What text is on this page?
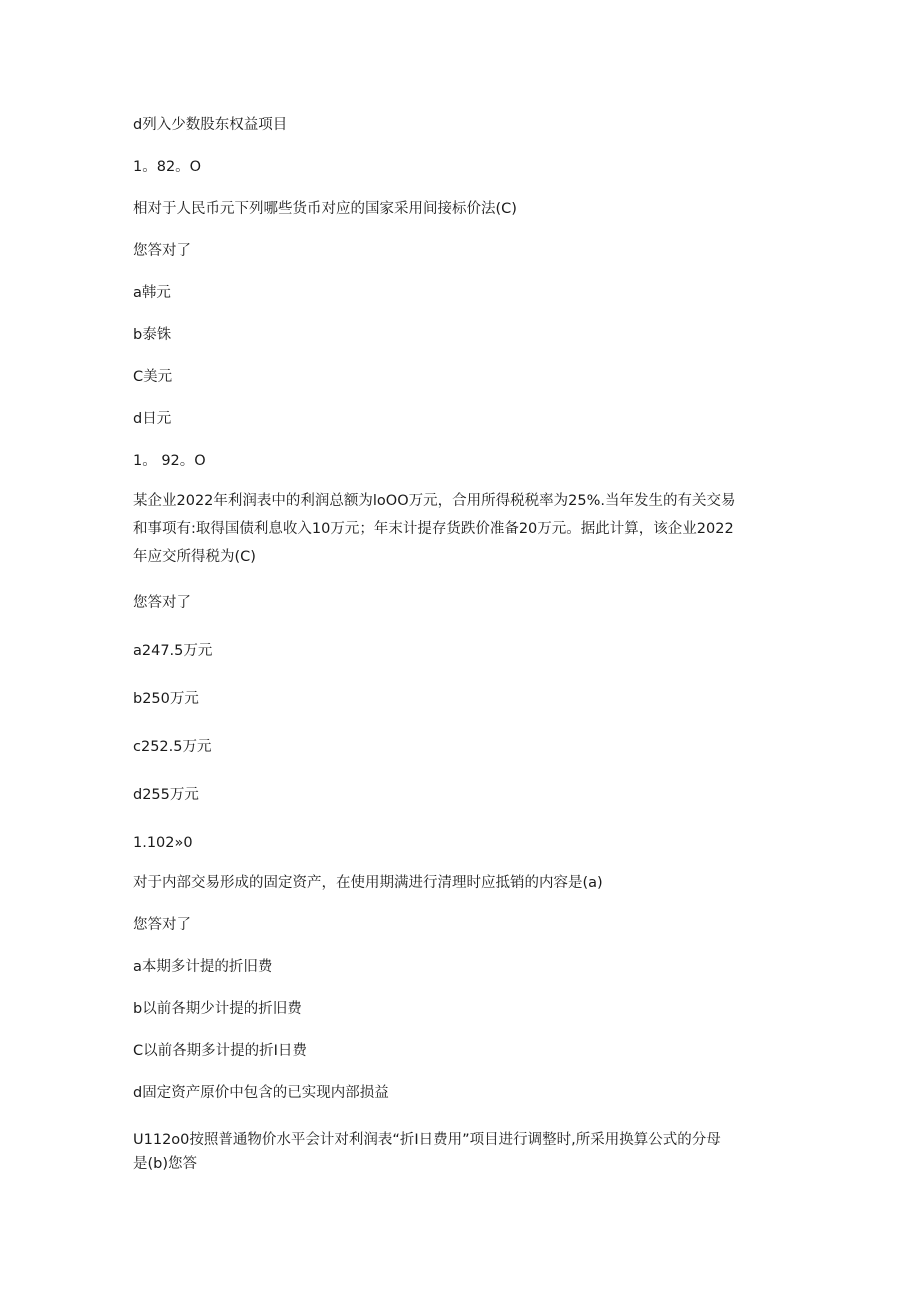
d列入少数股东权益项目
1。82。O
相对于人民币元下列哪些货币对应的国家采用间接标价法(C)
您答对了
a韩元
b泰铢
C美元
d日元
1。 92。O
某企业2022年利润表中的利润总额为loOO万元，合用所得税税率为25%.当年发生的有关交易
和事项有:取得国债利息收入10万元；年末计提存货跌价准备20万元。据此计算，该企业2022
年应交所得税为(C)
您答对了
a247.5万元
b250万元
c252.5万元
d255万元
1.102»0
对于内部交易形成的固定资产，在使用期满进行清理时应抵销的内容是(a)
您答对了
a本期多计提的折旧费
b以前各期少计提的折旧费
C以前各期多计提的折I日费
d固定资产原价中包含的已实现内部损益
U112o0按照普通物价水平会计对利润表“折I日费用”项目进行调整时,所采用换算公式的分母
是(b)您答
